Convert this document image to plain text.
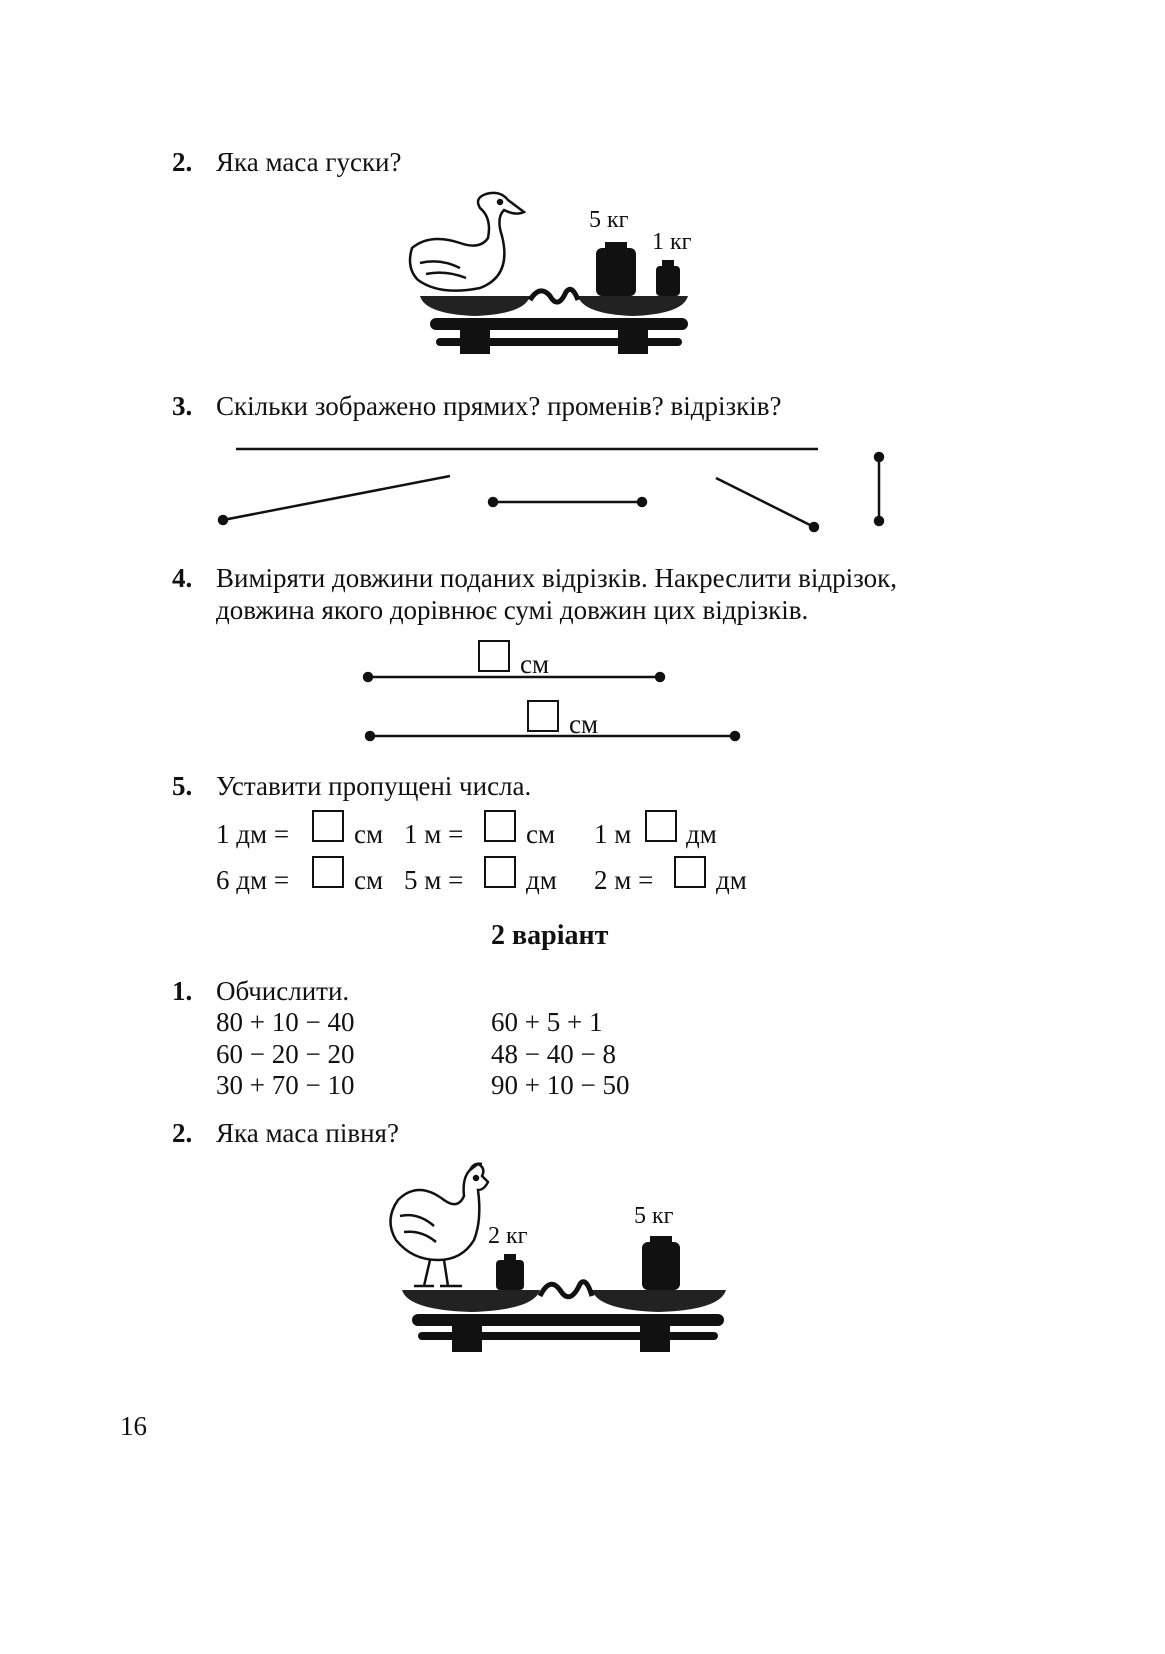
2. Яка маса гуски?
5 кг
1 кг
3. Скільки зображено прямих? променів? відрізків?
4. Виміряти довжини поданих відрізків. Накреслити відрізок,
довжина якого дорівнює сумі довжин цих відрізків.
см
см
5. Уставити пропущені числа.
1 дм = см 1 м = см 1 м дм
6 дм = см 5 м = дм 2 м = дм
2 варіант
1. Обчислити.
80 + 10 − 40
60 − 20 − 20
30 + 70 − 10
60 + 5 + 1
48 − 40 − 8
90 + 10 − 50
2. Яка маса півня?
2 кг
5 кг
16
